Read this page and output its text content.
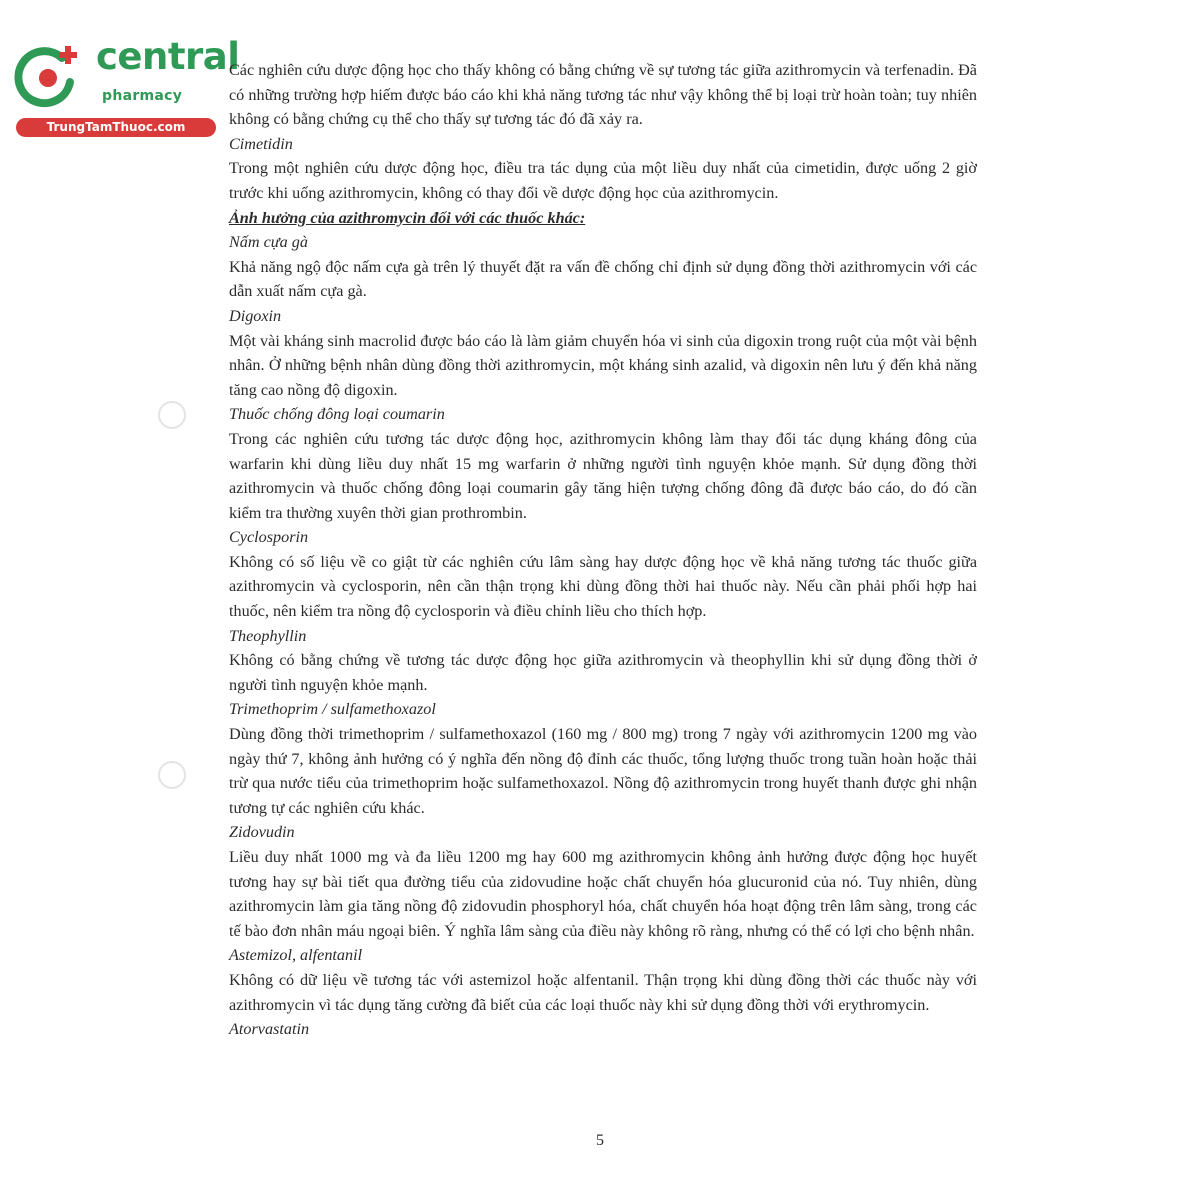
central
pharmacy
TrungTamThuoc.com

Các nghiên cứu dược động học cho thấy không có bằng chứng về sự tương tác giữa azithromycin và terfenadin. Đã có những trường hợp hiếm được báo cáo khi khả năng tương tác như vậy không thể bị loại trừ hoàn toàn; tuy nhiên không có bằng chứng cụ thể cho thấy sự tương tác đó đã xảy ra.

Cimetidin

Trong một nghiên cứu dược động học, điều tra tác dụng của một liều duy nhất của cimetidin, được uống 2 giờ trước khi uống azithromycin, không có thay đổi về dược động học của azithromycin.

Ảnh hưởng của azithromycin đối với các thuốc khác:
Nấm cựa gà

Khả năng ngộ độc nấm cựa gà trên lý thuyết đặt ra vấn đề chống chỉ định sử dụng đồng thời azithromycin với các dẫn xuất nấm cựa gà.

Digoxin

Một vài kháng sinh macrolid được báo cáo là làm giảm chuyển hóa vi sinh của digoxin trong ruột của một vài bệnh nhân. Ở những bệnh nhân dùng đồng thời azithromycin, một kháng sinh azalid, và digoxin nên lưu ý đến khả năng tăng cao nồng độ digoxin.

Thuốc chống đông loại coumarin

Trong các nghiên cứu tương tác dược động học, azithromycin không làm thay đổi tác dụng kháng đông của warfarin khi dùng liều duy nhất 15 mg warfarin ở những người tình nguyện khỏe mạnh. Sử dụng đồng thời azithromycin và thuốc chống đông loại coumarin gây tăng hiện tượng chống đông đã được báo cáo, do đó cần kiểm tra thường xuyên thời gian prothrombin.

Cyclosporin

Không có số liệu về co giật từ các nghiên cứu lâm sàng hay dược động học về khả năng tương tác thuốc giữa azithromycin và cyclosporin, nên cần thận trọng khi dùng đồng thời hai thuốc này. Nếu cần phải phối hợp hai thuốc, nên kiểm tra nồng độ cyclosporin và điều chỉnh liều cho thích hợp.

Theophyllin

Không có bằng chứng về tương tác dược động học giữa azithromycin và theophyllin khi sử dụng đồng thời ở người tình nguyện khỏe mạnh.

Trimethoprim / sulfamethoxazol

Dùng đồng thời trimethoprim / sulfamethoxazol (160 mg / 800 mg) trong 7 ngày với azithromycin 1200 mg vào ngày thứ 7, không ảnh hưởng có ý nghĩa đến nồng độ đỉnh các thuốc, tổng lượng thuốc trong tuần hoàn hoặc thải trừ qua nước tiểu của trimethoprim hoặc sulfamethoxazol. Nồng độ azithromycin trong huyết thanh được ghi nhận tương tự các nghiên cứu khác.

Zidovudin

Liều duy nhất 1000 mg và đa liều 1200 mg hay 600 mg azithromycin không ảnh hưởng được động học huyết tương hay sự bài tiết qua đường tiểu của zidovudine hoặc chất chuyển hóa glucuronid của nó. Tuy nhiên, dùng azithromycin làm gia tăng nồng độ zidovudin phosphoryl hóa, chất chuyển hóa hoạt động trên lâm sàng, trong các tế bào đơn nhân máu ngoại biên. Ý nghĩa lâm sàng của điều này không rõ ràng, nhưng có thể có lợi cho bệnh nhân.

Astemizol, alfentanil

Không có dữ liệu về tương tác với astemizol hoặc alfentanil. Thận trọng khi dùng đồng thời các thuốc này với azithromycin vì tác dụng tăng cường đã biết của các loại thuốc này khi sử dụng đồng thời với erythromycin.

Atorvastatin
5
